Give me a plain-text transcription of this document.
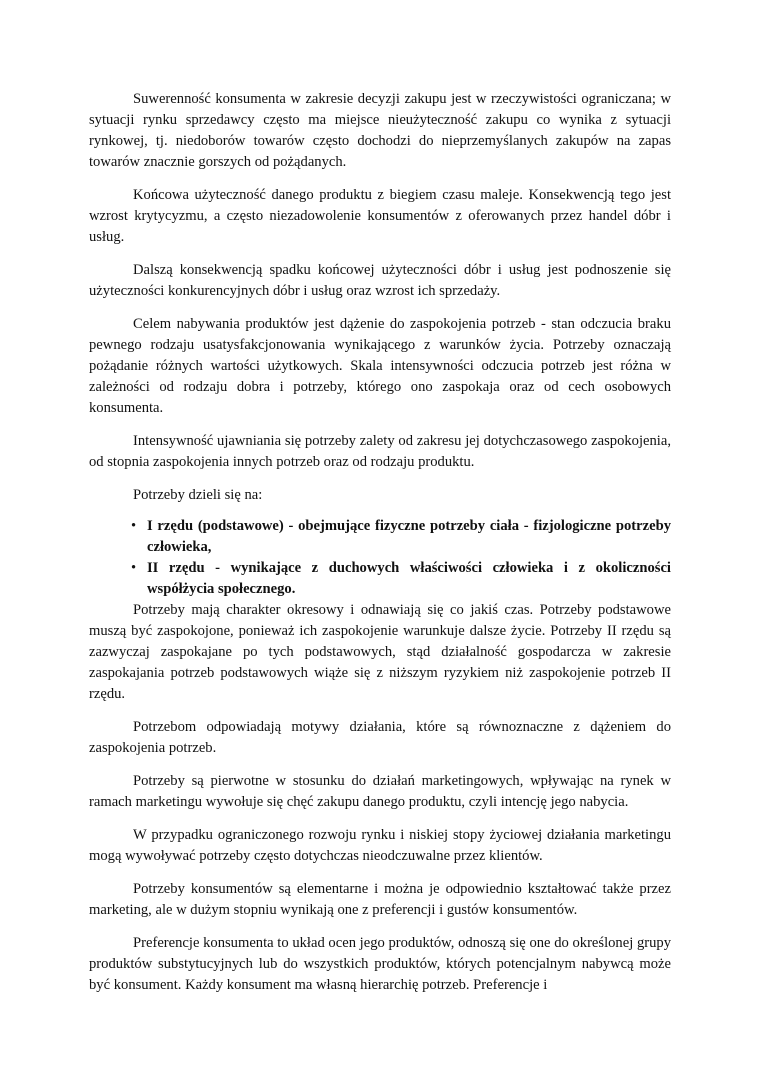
Suwerenność konsumenta w zakresie decyzji zakupu jest w rzeczywistości ograniczana; w sytuacji rynku sprzedawcy często ma miejsce nieużyteczność zakupu co wynika z sytuacji rynkowej, tj. niedoborów towarów często dochodzi do nieprzemyślanych zakupów na zapas towarów znacznie gorszych od pożądanych.

Końcowa użyteczność danego produktu z biegiem czasu maleje. Konsekwencją tego jest wzrost krytycyzmu, a często niezadowolenie konsumentów z oferowanych przez handel dóbr i usług.

Dalszą konsekwencją spadku końcowej użyteczności dóbr i usług jest podnoszenie się użyteczności konkurencyjnych dóbr i usług oraz wzrost ich sprzedaży.

Celem nabywania produktów jest dążenie do zaspokojenia potrzeb - stan odczucia braku pewnego rodzaju usatysfakcjonowania wynikającego z warunków życia. Potrzeby oznaczają pożądanie różnych wartości użytkowych. Skala intensywności odczucia potrzeb jest różna w zależności od rodzaju dobra i potrzeby, którego ono zaspokaja oraz od cech osobowych konsumenta.

Intensywność ujawniania się potrzeby zalety od zakresu jej dotychczasowego zaspokojenia, od stopnia zaspokojenia innych potrzeb oraz od rodzaju produktu.

Potrzeby dzieli się na:

• I rzędu (podstawowe) - obejmujące fizyczne potrzeby ciała - fizjologiczne potrzeby człowieka,
• II rzędu - wynikające z duchowych właściwości człowieka i z okoliczności współżycia społecznego.

Potrzeby mają charakter okresowy i odnawiają się co jakiś czas. Potrzeby podstawowe muszą być zaspokojone, ponieważ ich zaspokojenie warunkuje dalsze życie. Potrzeby II rzędu są zazwyczaj zaspokajane po tych podstawowych, stąd działalność gospodarcza w zakresie zaspokajania potrzeb podstawowych wiąże się z niższym ryzykiem niż zaspokojenie potrzeb II rzędu.

Potrzebom odpowiadają motywy działania, które są równoznaczne z dążeniem do zaspokojenia potrzeb.

Potrzeby są pierwotne w stosunku do działań marketingowych, wpływając na rynek w ramach marketingu wywołuje się chęć zakupu danego produktu, czyli intencję jego nabycia.

W przypadku ograniczonego rozwoju rynku i niskiej stopy życiowej działania marketingu mogą wywoływać potrzeby często dotychczas nieodczuwalne przez klientów.

Potrzeby konsumentów są elementarne i można je odpowiednio kształtować także przez marketing, ale w dużym stopniu wynikają one z preferencji i gustów konsumentów.

Preferencje konsumenta to układ ocen jego produktów, odnoszą się one do określonej grupy produktów substytucyjnych lub do wszystkich produktów, których potencjalnym nabywcą może być konsument. Każdy konsument ma własną hierarchię potrzeb. Preferencje i
